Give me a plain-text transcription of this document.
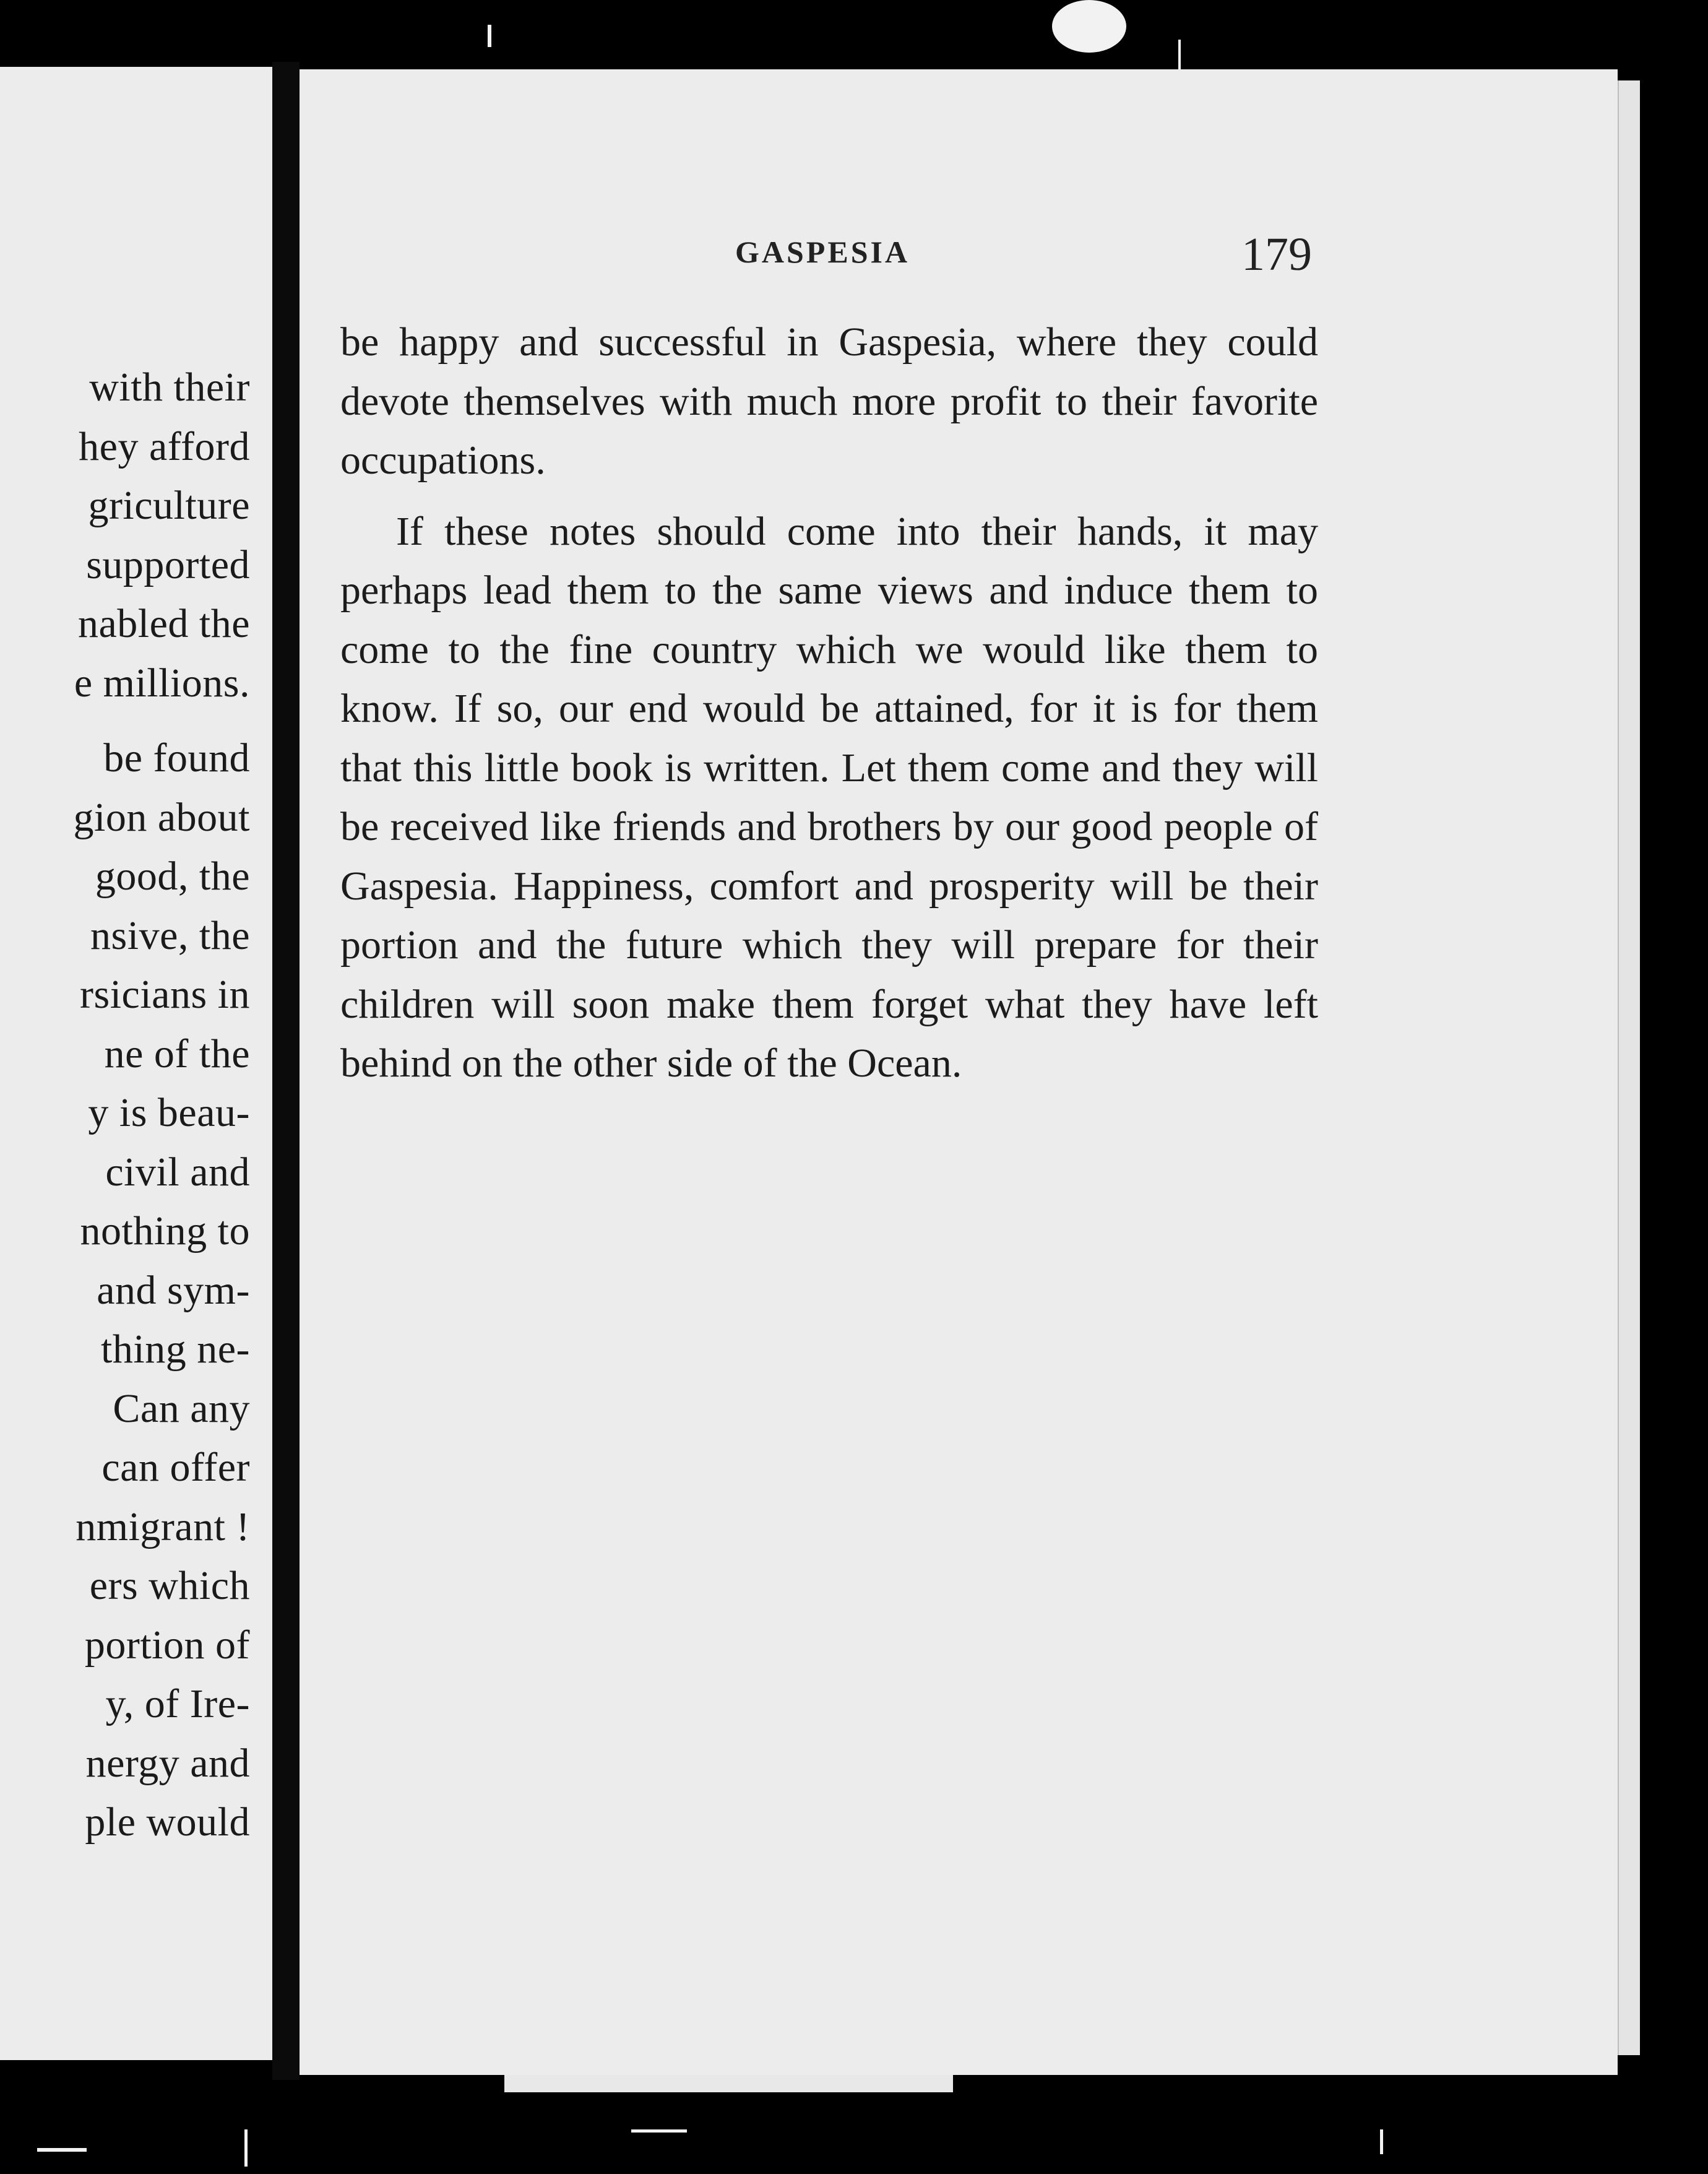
with their
hey afford
griculture
supported
nabled the
e millions.
be found
gion about
good, the
nsive, the
rsicians in
ne of the
y is beau-
civil and
nothing to
and sym-
thing ne-
Can any
can offer
nmigrant !
ers which
portion of
y, of Ire-
nergy and
ple would
GASPESIA	179

be happy and successful in Gaspesia, where they could devote themselves with much more profit to their favorite occupations.

If these notes should come into their hands, it may perhaps lead them to the same views and induce them to come to the fine country which we would like them to know. If so, our end would be attained, for it is for them that this little book is written. Let them come and they will be received like friends and brothers by our good people of Gaspesia. Happiness, comfort and prosperity will be their portion and the future which they will prepare for their children will soon make them forget what they have left behind on the other side of the Ocean.
